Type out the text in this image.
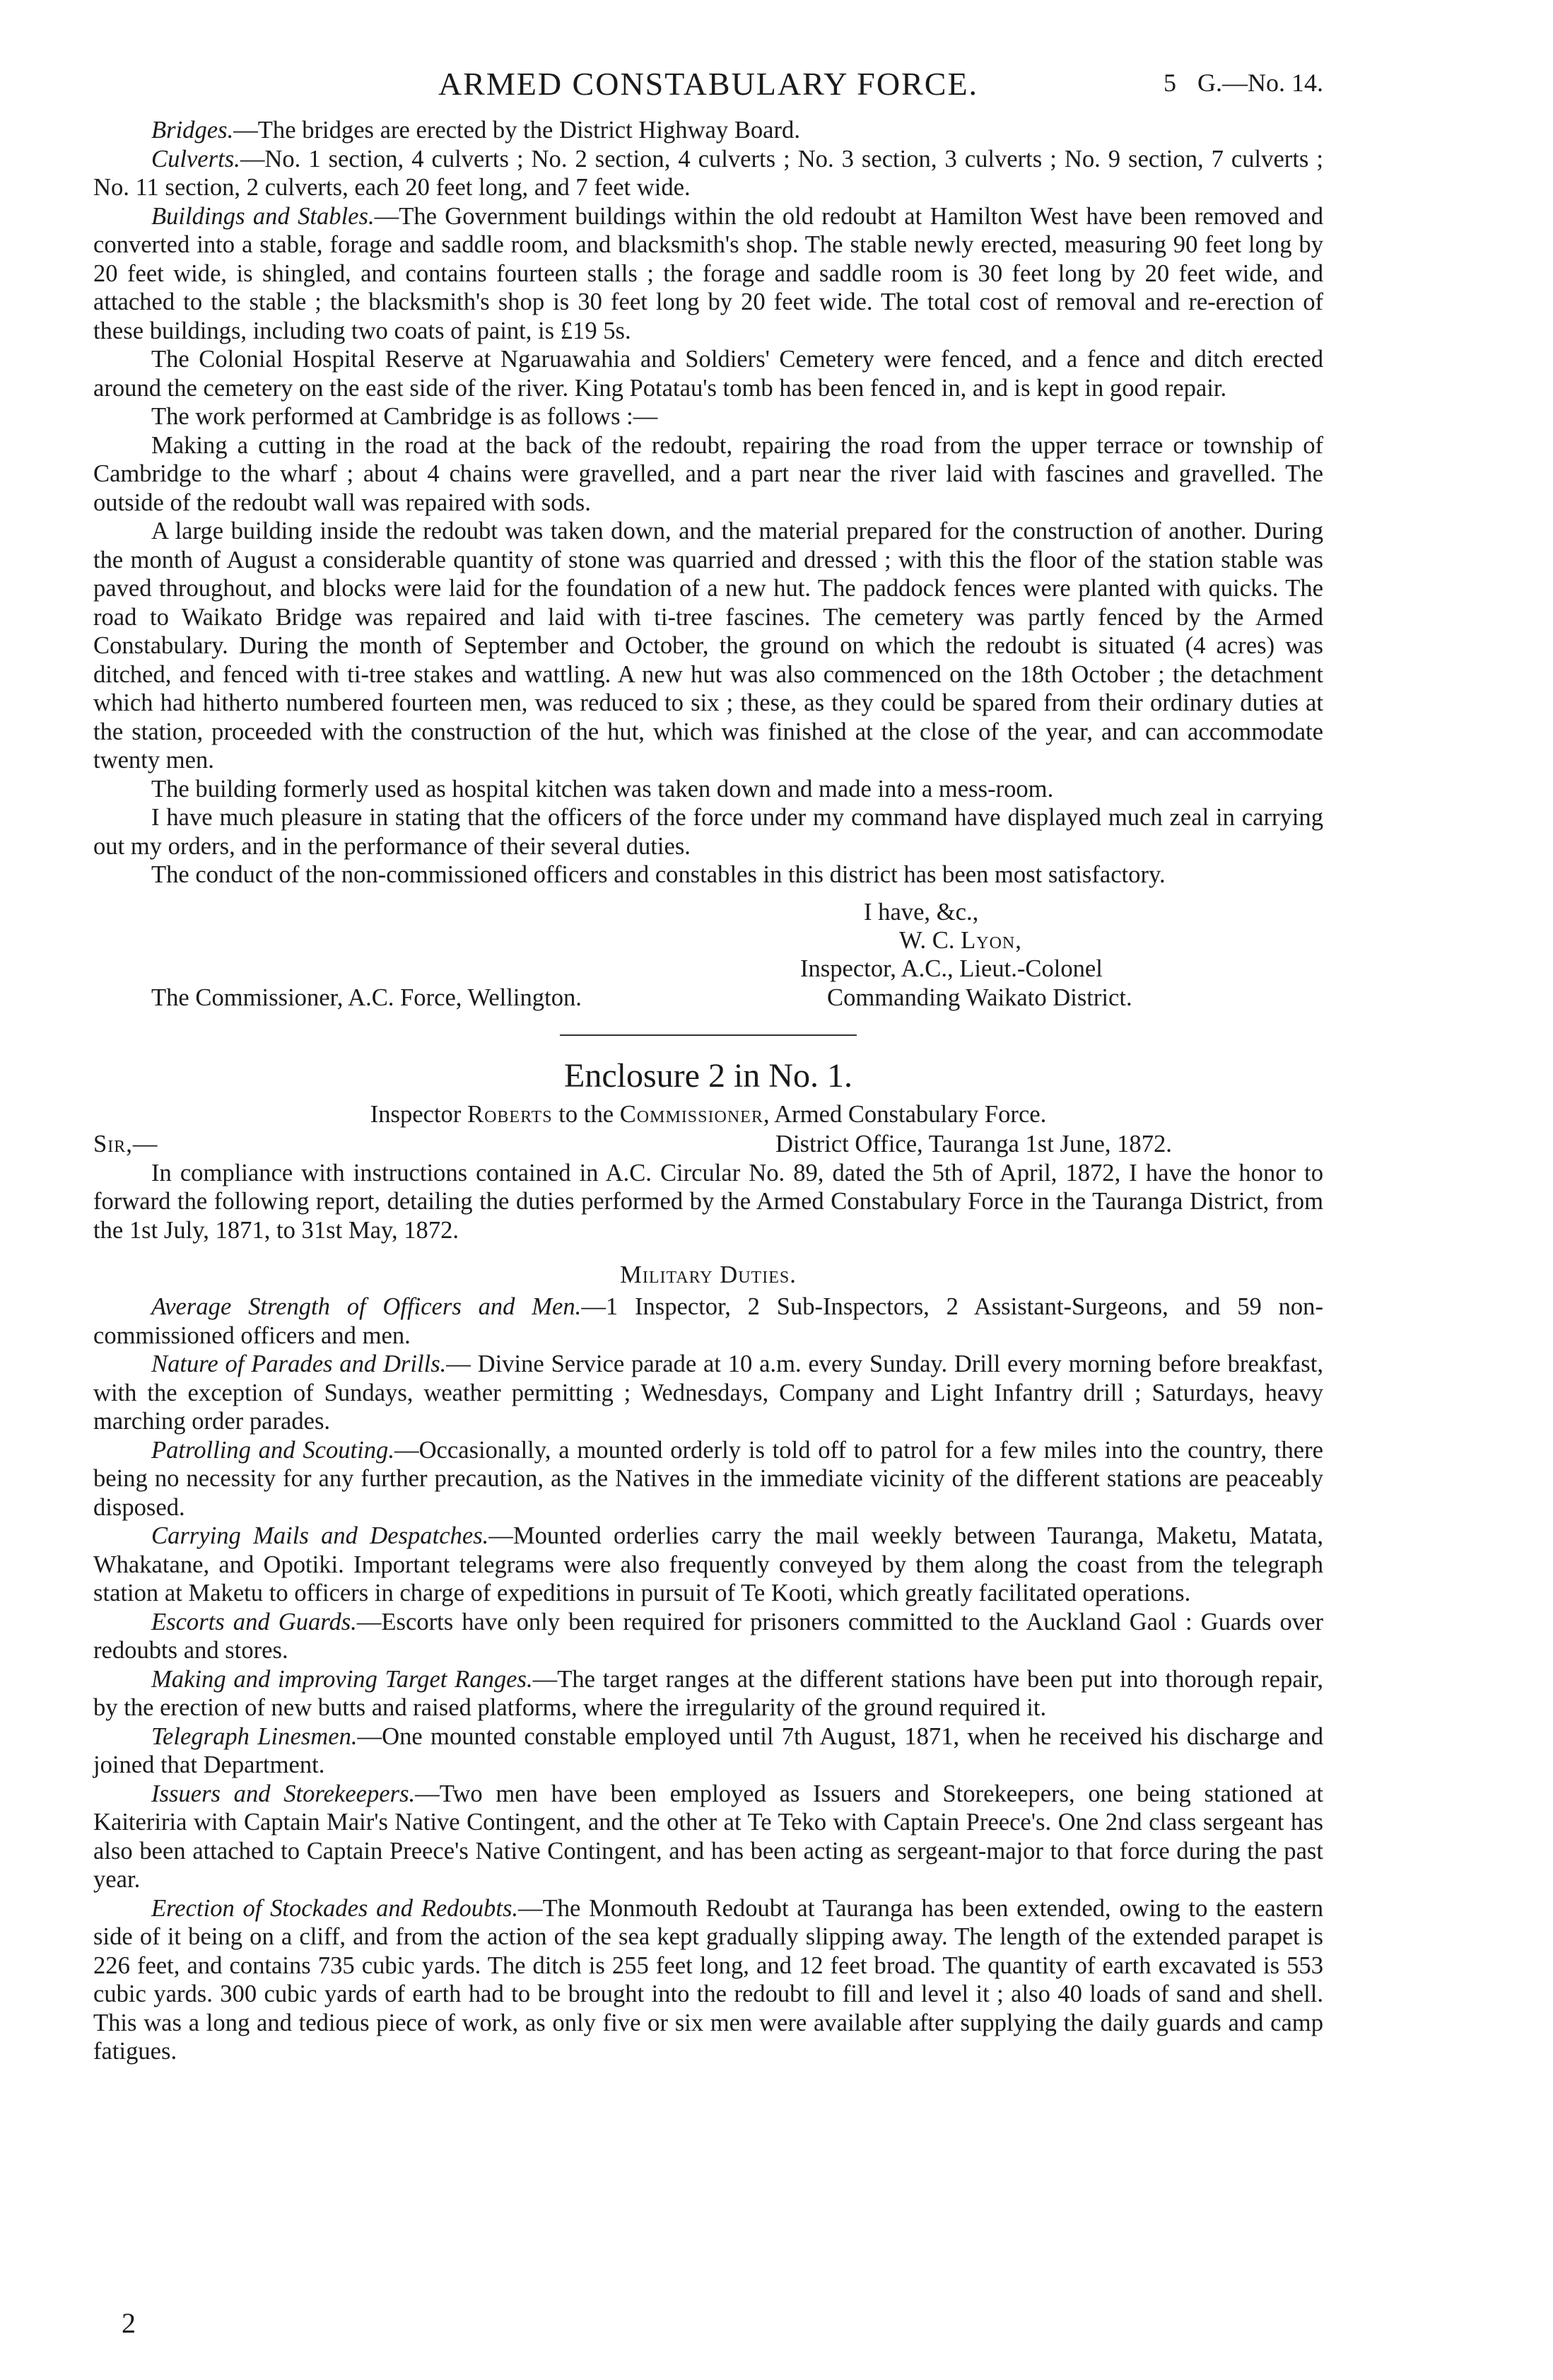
ARMED CONSTABULARY FORCE.	5 G.—No. 14.

Bridges.—The bridges are erected by the District Highway Board.

Culverts.—No. 1 section, 4 culverts ; No. 2 section, 4 culverts ; No. 3 section, 3 culverts ; No. 9 section, 7 culverts ; No. 11 section, 2 culverts, each 20 feet long, and 7 feet wide.

Buildings and Stables.—The Government buildings within the old redoubt at Hamilton West have been removed and converted into a stable, forage and saddle room, and blacksmith's shop. The stable newly erected, measuring 90 feet long by 20 feet wide, is shingled, and contains fourteen stalls ; the forage and saddle room is 30 feet long by 20 feet wide, and attached to the stable ; the blacksmith's shop is 30 feet long by 20 feet wide. The total cost of removal and re-erection of these buildings, including two coats of paint, is £19 5s.

The Colonial Hospital Reserve at Ngaruawahia and Soldiers' Cemetery were fenced, and a fence and ditch erected around the cemetery on the east side of the river. King Potatau's tomb has been fenced in, and is kept in good repair.

The work performed at Cambridge is as follows :—

Making a cutting in the road at the back of the redoubt, repairing the road from the upper terrace or township of Cambridge to the wharf ; about 4 chains were gravelled, and a part near the river laid with fascines and gravelled. The outside of the redoubt wall was repaired with sods.

A large building inside the redoubt was taken down, and the material prepared for the construction of another. During the month of August a considerable quantity of stone was quarried and dressed ; with this the floor of the station stable was paved throughout, and blocks were laid for the foundation of a new hut. The paddock fences were planted with quicks. The road to Waikato Bridge was repaired and laid with ti-tree fascines. The cemetery was partly fenced by the Armed Constabulary. During the month of September and October, the ground on which the redoubt is situated (4 acres) was ditched, and fenced with ti-tree stakes and wattling. A new hut was also commenced on the 18th October ; the detachment which had hitherto numbered fourteen men, was reduced to six ; these, as they could be spared from their ordinary duties at the station, proceeded with the construction of the hut, which was finished at the close of the year, and can accommodate twenty men.

The building formerly used as hospital kitchen was taken down and made into a mess-room.

I have much pleasure in stating that the officers of the force under my command have displayed much zeal in carrying out my orders, and in the performance of their several duties.

The conduct of the non-commissioned officers and constables in this district has been most satisfactory.

I have, &c.,
W. C. Lyon,
Inspector, A.C., Lieut.-Colonel
Commanding Waikato District.
The Commissioner, A.C. Force, Wellington.
Enclosure 2 in No. 1.
Inspector Roberts to the Commissioner, Armed Constabulary Force.
Sir,—	District Office, Tauranga 1st June, 1872.

In compliance with instructions contained in A.C. Circular No. 89, dated the 5th of April, 1872, I have the honor to forward the following report, detailing the duties performed by the Armed Constabulary Force in the Tauranga District, from the 1st July, 1871, to 31st May, 1872.

Military Duties.

Average Strength of Officers and Men.—1 Inspector, 2 Sub-Inspectors, 2 Assistant-Surgeons, and 59 non-commissioned officers and men.

Nature of Parades and Drills.— Divine Service parade at 10 a.m. every Sunday. Drill every morning before breakfast, with the exception of Sundays, weather permitting ; Wednesdays, Company and Light Infantry drill ; Saturdays, heavy marching order parades.

Patrolling and Scouting.—Occasionally, a mounted orderly is told off to patrol for a few miles into the country, there being no necessity for any further precaution, as the Natives in the immediate vicinity of the different stations are peaceably disposed.

Carrying Mails and Despatches.—Mounted orderlies carry the mail weekly between Tauranga, Maketu, Matata, Whakatane, and Opotiki. Important telegrams were also frequently conveyed by them along the coast from the telegraph station at Maketu to officers in charge of expeditions in pursuit of Te Kooti, which greatly facilitated operations.

Escorts and Guards.—Escorts have only been required for prisoners committed to the Auckland Gaol : Guards over redoubts and stores.

Making and improving Target Ranges.—The target ranges at the different stations have been put into thorough repair, by the erection of new butts and raised platforms, where the irregularity of the ground required it.

Telegraph Linesmen.—One mounted constable employed until 7th August, 1871, when he received his discharge and joined that Department.

Issuers and Storekeepers.—Two men have been employed as Issuers and Storekeepers, one being stationed at Kaiteriria with Captain Mair's Native Contingent, and the other at Te Teko with Captain Preece's. One 2nd class sergeant has also been attached to Captain Preece's Native Contingent, and has been acting as sergeant-major to that force during the past year.

Erection of Stockades and Redoubts.—The Monmouth Redoubt at Tauranga has been extended, owing to the eastern side of it being on a cliff, and from the action of the sea kept gradually slipping away. The length of the extended parapet is 226 feet, and contains 735 cubic yards. The ditch is 255 feet long, and 12 feet broad. The quantity of earth excavated is 553 cubic yards. 300 cubic yards of earth had to be brought into the redoubt to fill and level it ; also 40 loads of sand and shell. This was a long and tedious piece of work, as only five or six men were available after supplying the daily guards and camp fatigues.

2
